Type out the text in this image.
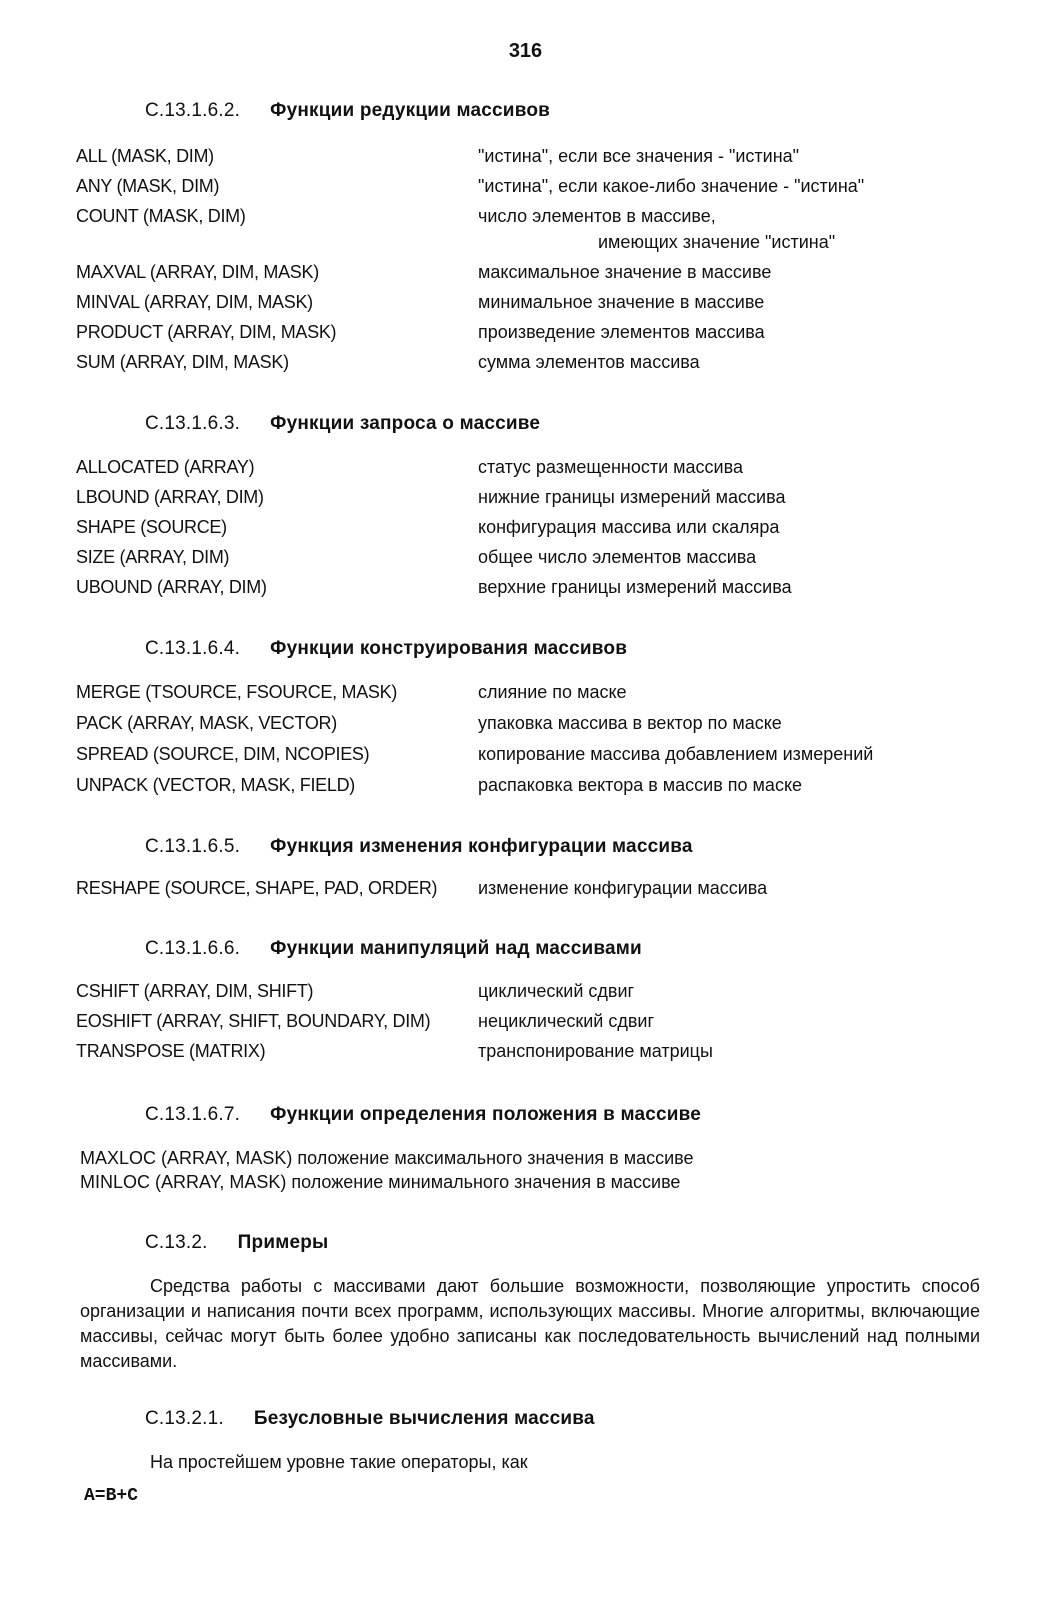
316
С.13.1.6.2. Функции редукции массивов
ALL (MASK, DIM)	"истина", если все значения - "истина"
ANY (MASK, DIM)	"истина", если какое-либо значение - "истина"
COUNT (MASK, DIM)	число элементов в массиве,
имеющих значение "истина"
MAXVAL (ARRAY, DIM, MASK)	максимальное значение в массиве
MINVAL (ARRAY, DIM, MASK)	минимальное значение в массиве
PRODUCT (ARRAY, DIM, MASK)	произведение элементов массива
SUM (ARRAY, DIM, MASK)	сумма элементов массива
С.13.1.6.3. Функции запроса о массиве
ALLOCATED (ARRAY)	статус размещенности массива
LBOUND (ARRAY, DIM)	нижние границы измерений массива
SHAPE (SOURCE)	конфигурация массива или скаляра
SIZE (ARRAY, DIM)	общее число элементов массива
UBOUND (ARRAY, DIM)	верхние границы измерений массива
С.13.1.6.4. Функции конструирования массивов
MERGE (TSOURCE, FSOURCE, MASK)	слияние по маске
PACK (ARRAY, MASK, VECTOR)	упаковка массива в вектор по маске
SPREAD (SOURCE, DIM, NCOPIES)	копирование массива добавлением измерений
UNPACK (VECTOR, MASK, FIELD)	распаковка вектора в массив по маске
С.13.1.6.5. Функция изменения конфигурации массива
RESHAPE (SOURCE, SHAPE, PAD, ORDER) изменение конфигурации массива
С.13.1.6.6. Функции манипуляций над массивами
CSHIFT (ARRAY, DIM, SHIFT)	циклический сдвиг
EOSHIFT (ARRAY, SHIFT, BOUNDARY, DIM)	нециклический сдвиг
TRANSPOSE (MATRIX)	транспонирование матрицы
С.13.1.6.7. Функции определения положения в массиве
MAXLOC (ARRAY, MASK) положение максимального значения в массиве
MINLOC (ARRAY, MASK) положение минимального значения в массиве
С.13.2. Примеры
Средства работы с массивами дают большие возможности, позволяющие упростить способ организации и написания почти всех программ, использующих массивы. Многие алгоритмы, включающие массивы, сейчас могут быть более удобно записаны как последовательность вычислений над полными массивами.
С.13.2.1. Безусловные вычисления массива
На простейшем уровне такие операторы, как
A=B+C
